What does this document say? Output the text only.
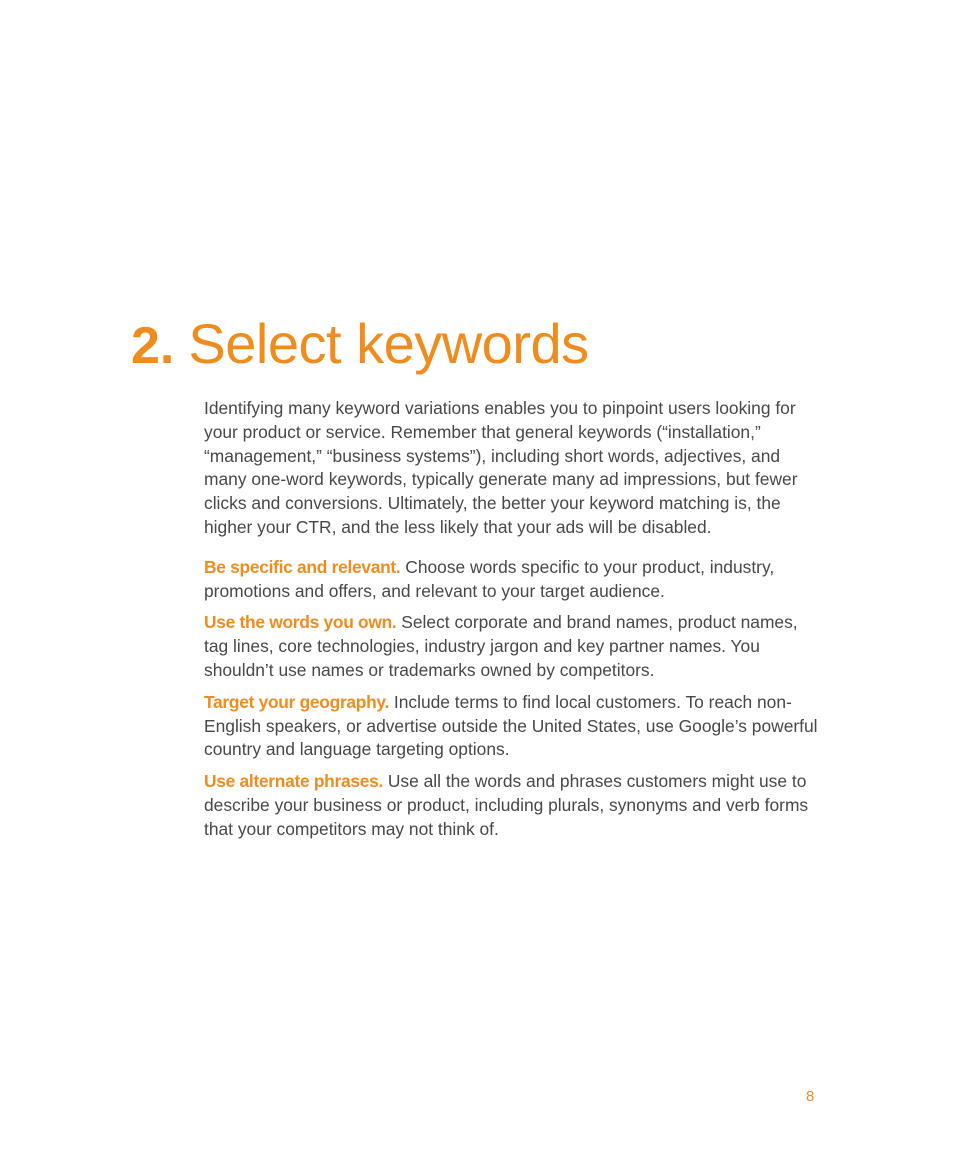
2. Select keywords

Identifying many keyword variations enables you to pinpoint users looking for your product or service. Remember that general keywords (“installation,” “management,” “business systems”), including short words, adjectives, and many one-word keywords, typically generate many ad impressions, but fewer clicks and conversions. Ultimately, the better your keyword matching is, the higher your CTR, and the less likely that your ads will be disabled.

Be specific and relevant. Choose words specific to your product, industry, promotions and offers, and relevant to your target audience.

Use the words you own. Select corporate and brand names, product names, tag lines, core technologies, industry jargon and key partner names. You shouldn’t use names or trademarks owned by competitors.

Target your geography. Include terms to find local customers. To reach non-English speakers, or advertise outside the United States, use Google’s powerful country and language targeting options.

Use alternate phrases. Use all the words and phrases customers might use to describe your business or product, including plurals, synonyms and verb forms that your competitors may not think of.

8
